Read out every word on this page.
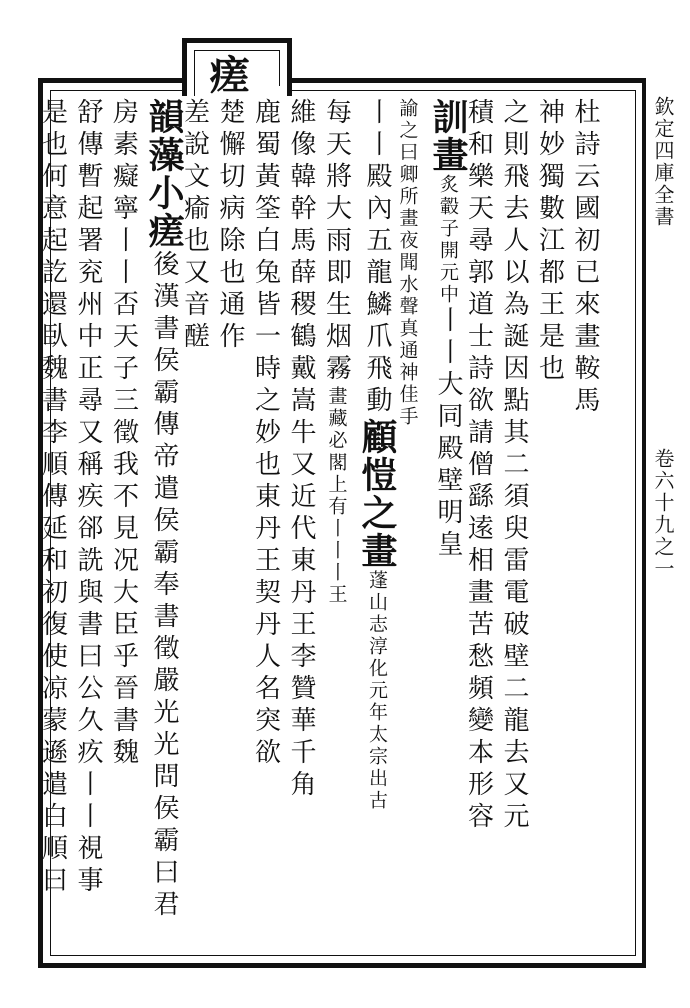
瘥
欽定四庫全書
卷六十九之一
杜詩云國初已來畫鞍馬
神妙獨數江都王是也
之則飛去人以為誕因點其二須臾雷電破壁二龍去又元
積和樂天尋郭道士詩欲請僧繇逺相畫苦愁頻變本形容
訓畫炙轂子開元中丨丨大同殿壁明皇
諭之曰卿所畫夜聞水聲真通神佳手
丨丨殿內五龍鱗爪飛動顧愷之畫蓬山志淳化元年太宗出古
每天將大雨即生烟霧畫藏必閣上有丨丨丨王
維像韓幹馬薛稷鶴戴嵩牛又近代東丹王李贊華千角
鹿蜀黃筌白兔皆一時之妙也東丹王契丹人名突欲
楚懈切病除也通作
差說文瘉也又音醝
韻藻小瘥後漢書侯霸傳帝遣侯霸奉書徵嚴光光問侯霸曰君
房素癡寧丨丨否天子三徵我不見况大臣乎晉書魏
舒傳暫起署兖州中正尋又稱疾郤詵與書曰公久疚丨丨視事
是也何意起訖還臥魏書李順傳延和初復使凉蒙遜遣白順曰
